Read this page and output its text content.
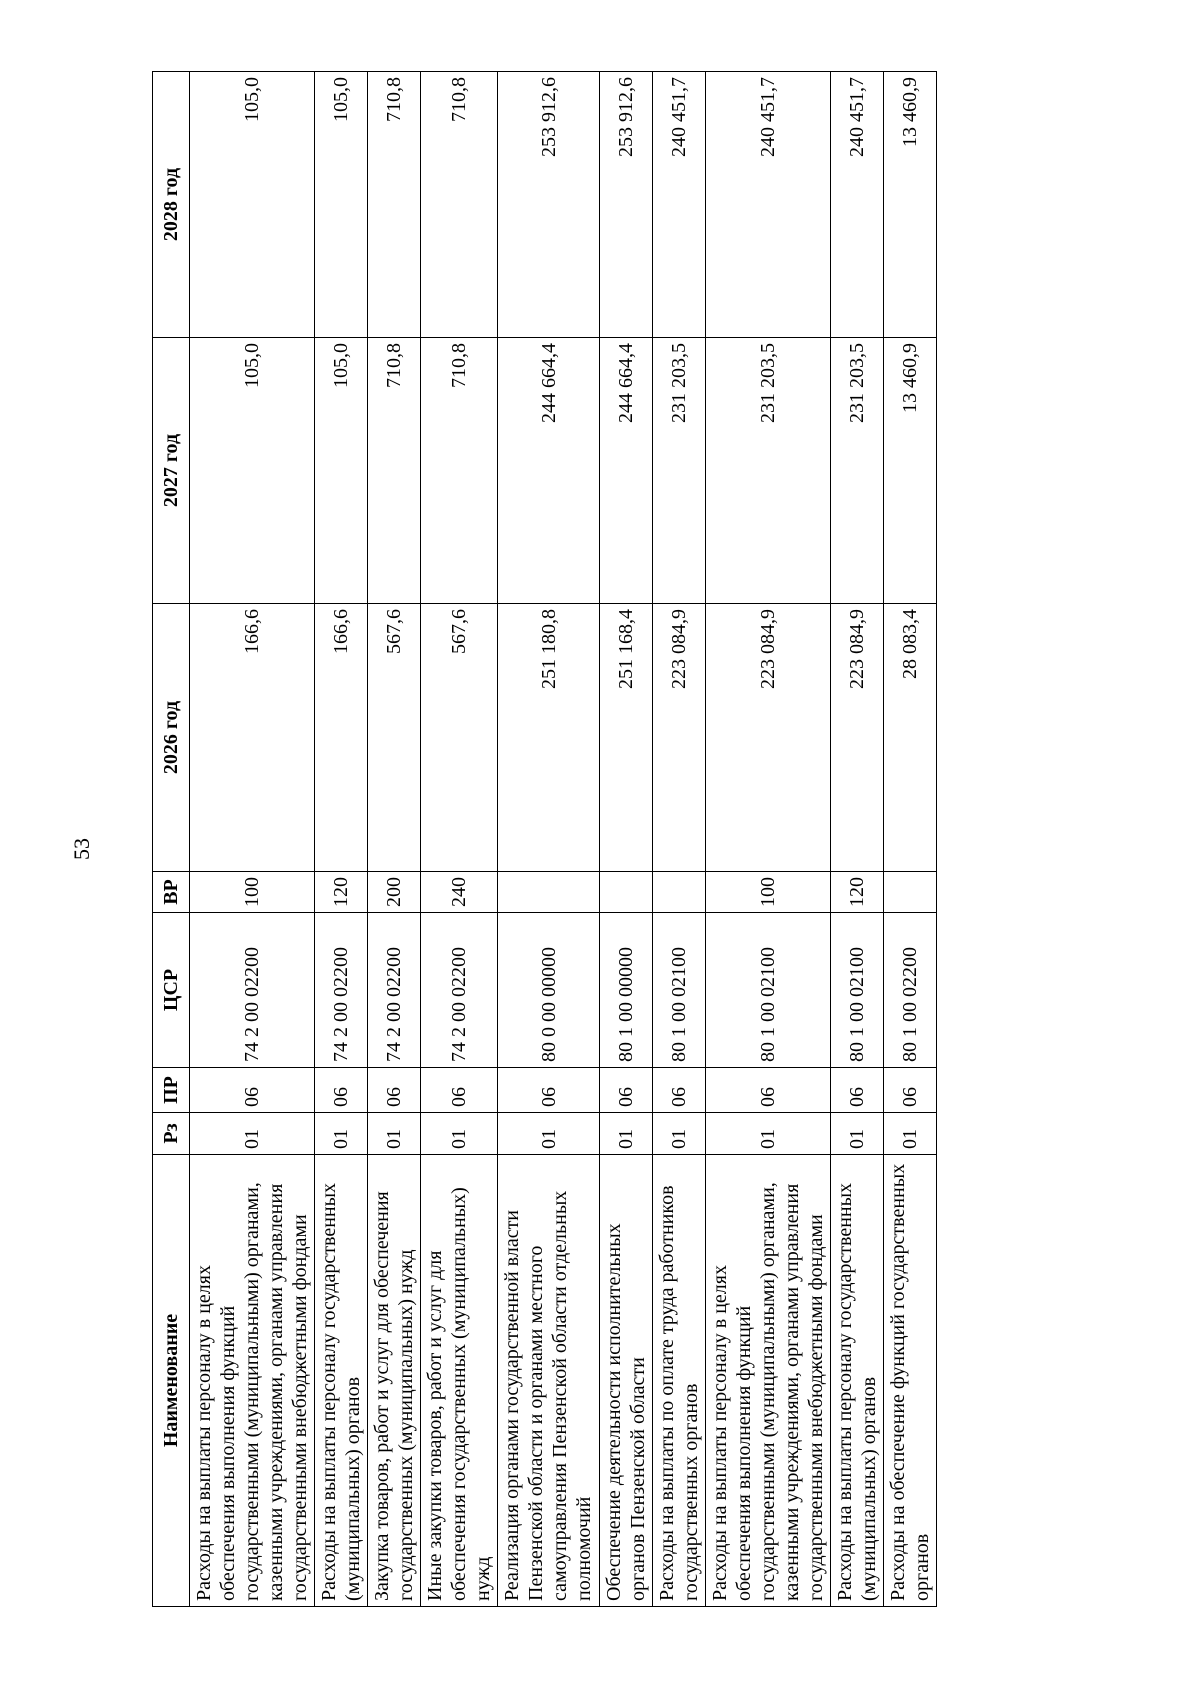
53
Наименование	Рз	ПР	ЦСР	ВР	2026 год	2027 год	2028 год
Расходы на выплаты персоналу в целях обеспечения выполнения функций государственными (муниципальными) органами, казенными учреждениями, органами управления государственными внебюджетными фондами	01	06	74 2 00 02200	100	166,6	105,0	105,0
Расходы на выплаты персоналу государственных (муниципальных) органов	01	06	74 2 00 02200	120	166,6	105,0	105,0
Закупка товаров, работ и услуг для обеспечения государственных (муниципальных) нужд	01	06	74 2 00 02200	200	567,6	710,8	710,8
Иные закупки товаров, работ и услуг для обеспечения государственных (муниципальных) нужд	01	06	74 2 00 02200	240	567,6	710,8	710,8
Реализация органами государственной власти Пензенской области и органами местного самоуправления Пензенской области отдельных полномочий	01	06	80 0 00 00000		251 180,8	244 664,4	253 912,6
Обеспечение деятельности исполнительных органов Пензенской области	01	06	80 1 00 00000		251 168,4	244 664,4	253 912,6
Расходы на выплаты по оплате труда работников государственных органов	01	06	80 1 00 02100		223 084,9	231 203,5	240 451,7
Расходы на выплаты персоналу в целях обеспечения выполнения функций государственными (муниципальными) органами, казенными учреждениями, органами управления государственными внебюджетными фондами	01	06	80 1 00 02100	100	223 084,9	231 203,5	240 451,7
Расходы на выплаты персоналу государственных (муниципальных) органов	01	06	80 1 00 02100	120	223 084,9	231 203,5	240 451,7
Расходы на обеспечение функций государственных органов	01	06	80 1 00 02200		28 083,4	13 460,9	13 460,9
